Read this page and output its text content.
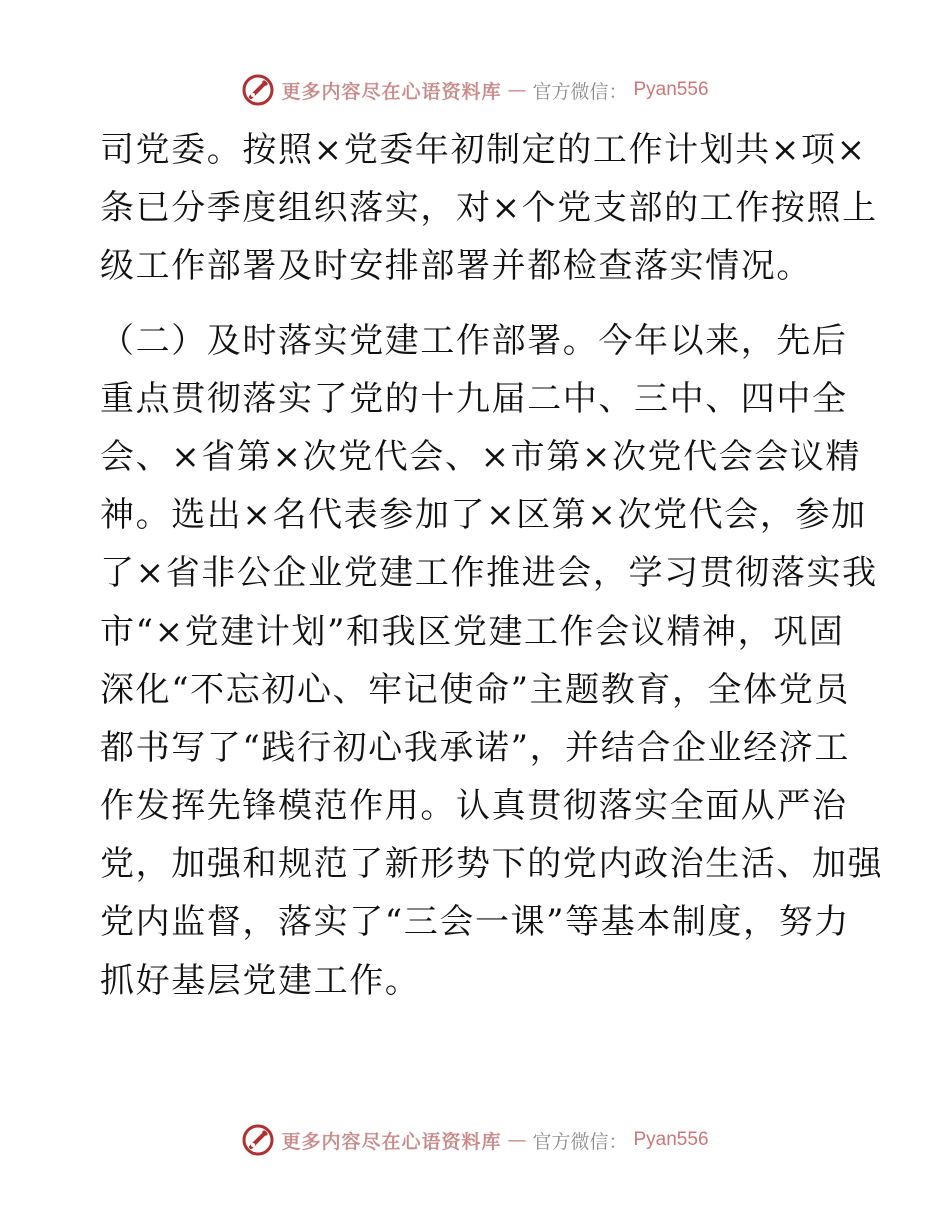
更多内容尽在心语资料库 — 官方微信： Pyan556
司党委。按照×党委年初制定的工作计划共×项×
条已分季度组织落实，对×个党支部的工作按照上
级工作部署及时安排部署并都检查落实情况。
（二）及时落实党建工作部署。今年以来，先后
重点贯彻落实了党的十九届二中、三中、四中全
会、×省第×次党代会、×市第×次党代会会议精
神。选出×名代表参加了×区第×次党代会，参加
了×省非公企业党建工作推进会，学习贯彻落实我
市“×党建计划”和我区党建工作会议精神，巩固
深化“不忘初心、牢记使命”主题教育，全体党员
都书写了“践行初心我承诺”，并结合企业经济工
作发挥先锋模范作用。认真贯彻落实全面从严治
党，加强和规范了新形势下的党内政治生活、加强
党内监督，落实了“三会一课”等基本制度，努力
抓好基层党建工作。
更多内容尽在心语资料库 — 官方微信： Pyan556
